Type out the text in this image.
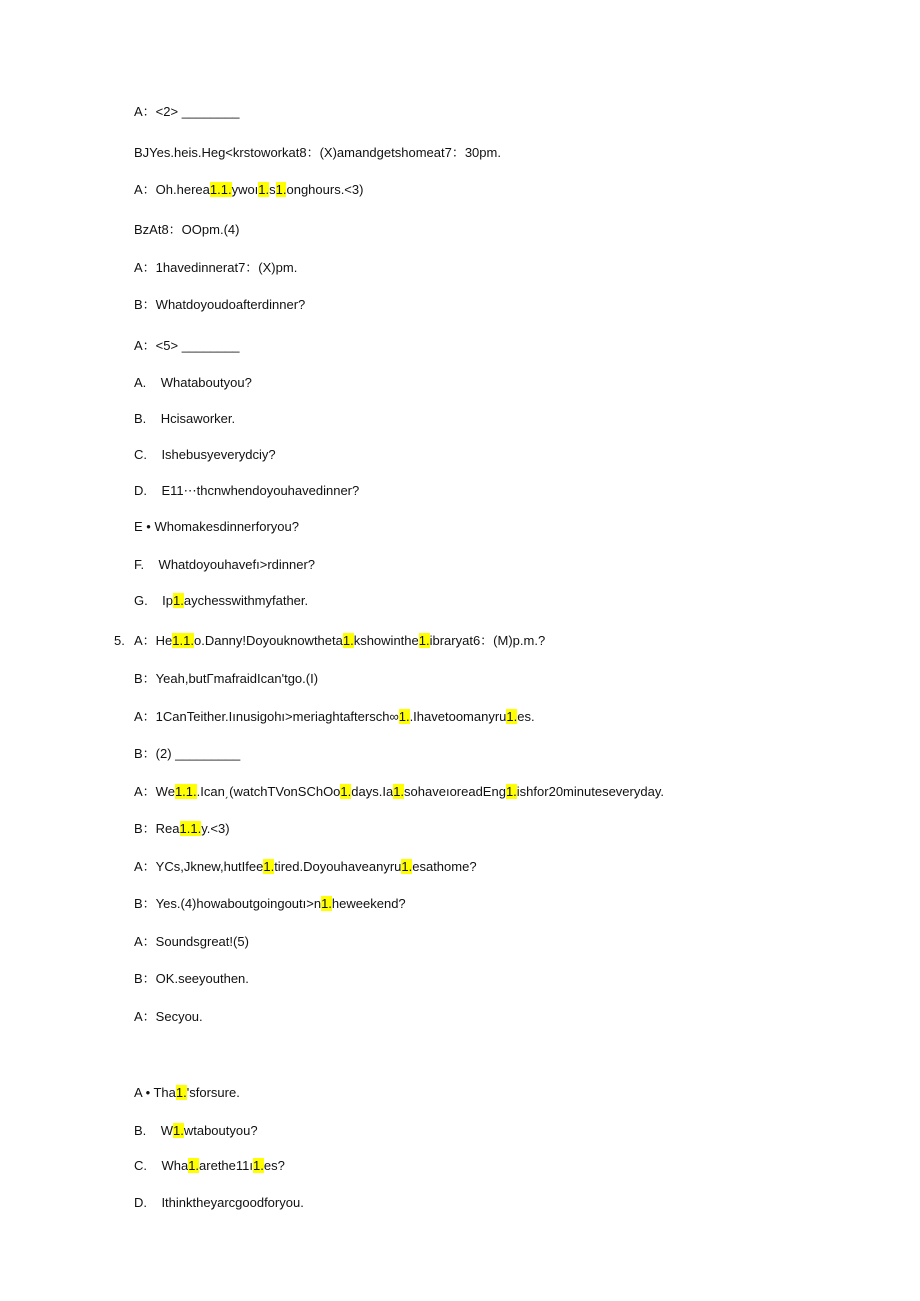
A：<2> ________
BJYes.heis.Heg<krstoworkat8：(X)amandgetshomeat7：30pm.
A：Oh.herea1.1.ywoı1.s1.onghours.<3)
BzAt8：OOpm.(4)
A：1havedinnerat7：(X)pm.
B：Whatdoyoudoafterdinner?
A：<5> ________
A.    Whataboutyou?
B.    Hcisaworker.
C.    Ishebusyeverydciy?
D.    E11⋯thcnwhendoyouhavedinner?
E • Whomakesdinnerforyou?
F.    Whatdoyouhavefı>rdinner?
G.    Ip1.aychesswithmyfather.
5. A：He1.1.o.Danny!Doyouknowtheta1.kshowinthe1.ibraryat6：(M)p.m.?
B：Yeah,butΓmafraidIcan'tgo.(I)
A：1CanTeither.Iınusigohı>meriaghtaftersch∞1..Ihavetoomanyru1.es.
B：(2) _________
A：We1.1..Ican͵(watchTVonSChOo1.days.Ia1.sohaveıoreadEng1.ishfor20minuteseveryday.
B：Rea1.1.y.<3)
A：YCs,Jknew,hutIfee1.tired.Doyouhaveanyru1.esathome?
B：Yes.(4)howaboutgoingoutı>n1.heweekend?
A：Soundsgreat!(5)
B：OK.seeyouthen.
A：Secyou.
A • Tha1.'sforsure.
B.    W1.wtaboutyou?
C.    Wha1.arethe11ı1.es?
D.    Ithinktheyarcgoodforyou.
